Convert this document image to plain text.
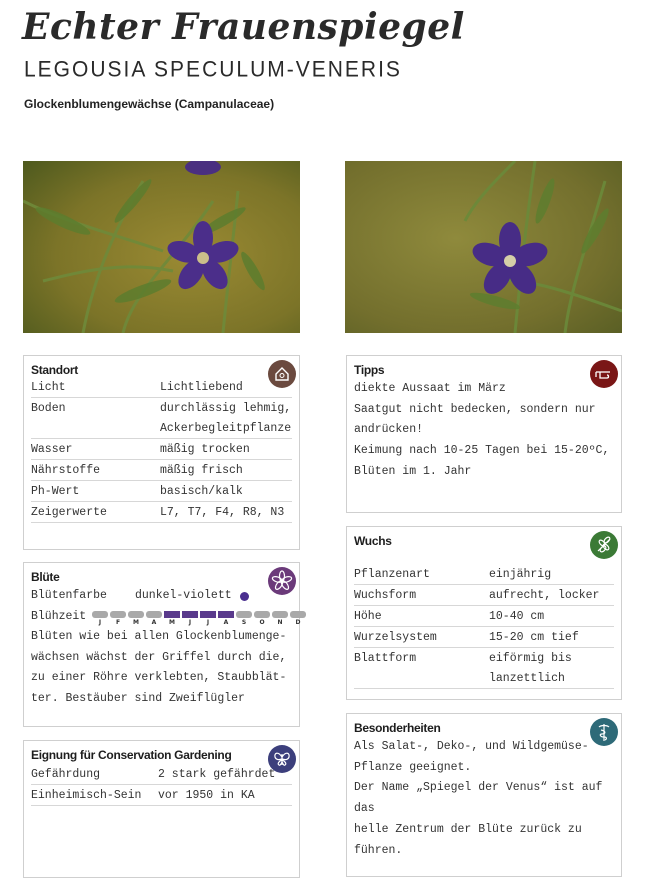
Echter Frauenspiegel
LEGOUSIA SPECULUM-VENERIS
Glockenblumengewächse (Campanulaceae)
Standort
Licht	Lichtliebend
Boden	durchlässig lehmig,
Ackerbegleitpflanze
Wasser	mäßig trocken
Nährstoffe	mäßig frisch
Ph-Wert	basisch/kalk
Zeigerwerte	L7, T7, F4, R8, N3
Blüte
Blütenfarbe dunkel-violett
Blühzeit	J	F	M	A	M	J	J	A	S	O	N	D
Blüten wie bei allen Glockenblumenge-
wächsen wächst der Griffel durch die,
zu einer Röhre verklebten, Staubblät-
ter. Bestäuber sind Zweiflügler
Eignung für Conservation Gardening
Gefährdung	2 stark gefährdet
Einheimisch-Sein vor 1950 in KA
Tipps
diekte Aussaat im März
Saatgut nicht bedecken, sondern nur
andrücken!
Keimung nach 10-25 Tagen bei 15-20ºC,
Blüten im 1. Jahr
Wuchs
Pflanzenart	einjährig
Wuchsform	aufrecht, locker
Höhe	10-40 cm
Wurzelsystem	15-20 cm tief
Blattform	eiförmig bis
lanzettlich
Besonderheiten
Als Salat-, Deko-, und Wildgemüse-
Pflanze geeignet.
Der Name „Spiegel der Venus“ ist auf das
helle Zentrum der Blüte zurück zu führen.
